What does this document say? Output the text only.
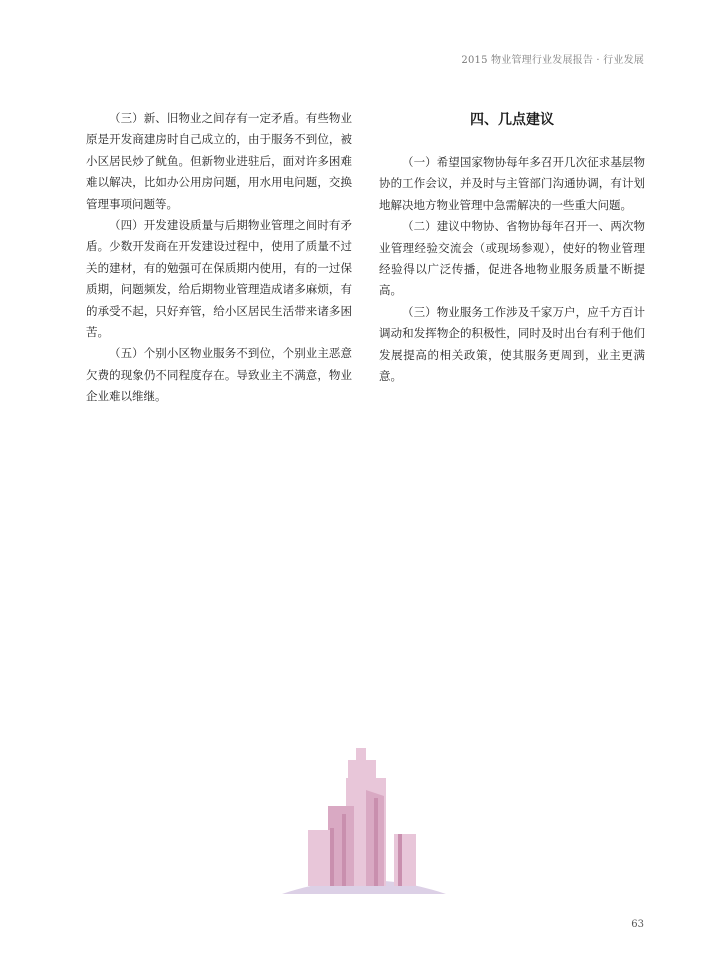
2015 物业管理行业发展报告 · 行业发展

（三）新、旧物业之间存有一定矛盾。有些物业原是开发商建房时自己成立的，由于服务不到位，被小区居民炒了鱿鱼。但新物业进驻后，面对许多困难难以解决，比如办公用房问题，用水用电问题，交换管理事项问题等。

（四）开发建设质量与后期物业管理之间时有矛盾。少数开发商在开发建设过程中，使用了质量不过关的建材，有的勉强可在保质期内使用，有的一过保质期，问题频发，给后期物业管理造成诸多麻烦，有的承受不起，只好弃管，给小区居民生活带来诸多困苦。

（五）个别小区物业服务不到位，个别业主恶意欠费的现象仍不同程度存在。导致业主不满意，物业企业难以维继。

四、几点建议

（一）希望国家物协每年多召开几次征求基层物协的工作会议，并及时与主管部门沟通协调，有计划地解决地方物业管理中急需解决的一些重大问题。

（二）建议中物协、省物协每年召开一、两次物业管理经验交流会（或现场参观），使好的物业管理经验得以广泛传播，促进各地物业服务质量不断提高。

（三）物业服务工作涉及千家万户，应千方百计调动和发挥物企的积极性，同时及时出台有利于他们发展提高的相关政策，使其服务更周到，业主更满意。

63
